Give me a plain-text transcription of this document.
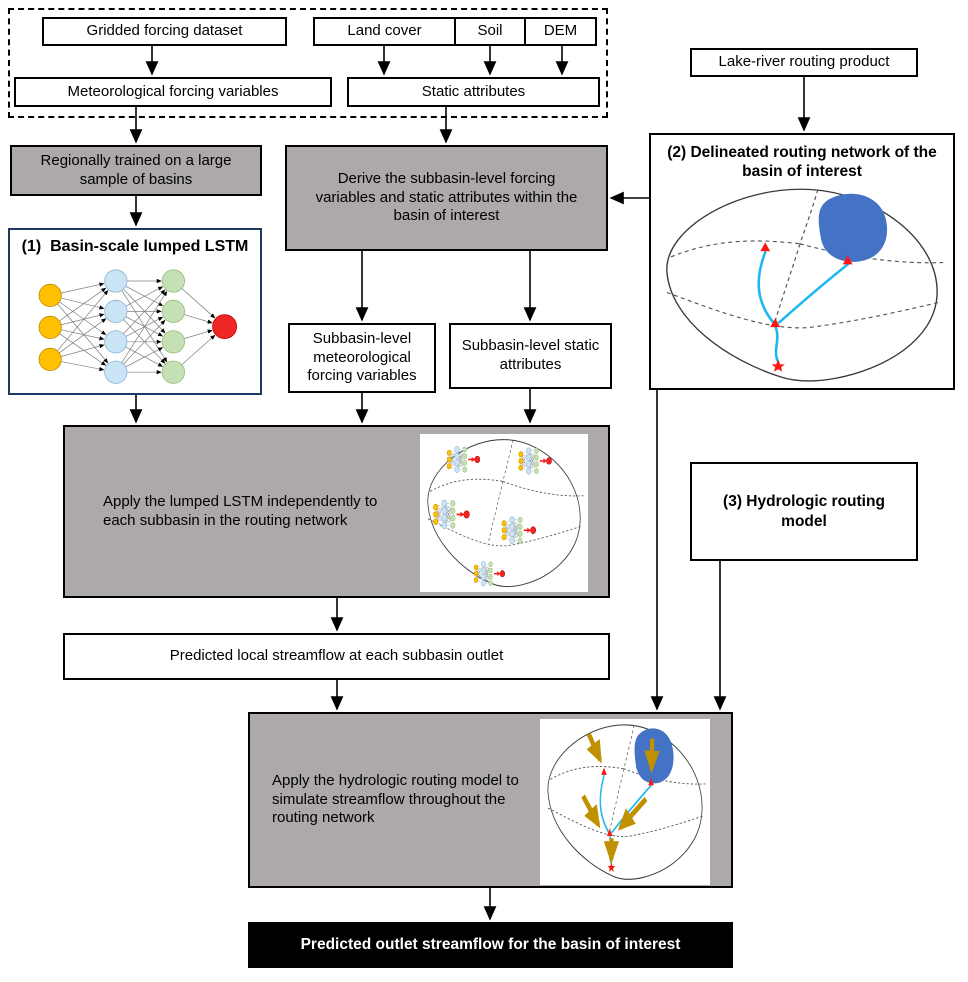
Gridded forcing dataset	Land cover	Soil	DEM
Meteorological forcing variables	Static attributes
Lake-river routing product
Regionally trained on a large sample of basins
(1)  Basin-scale lumped LSTM
Derive the subbasin-level forcing variables and static attributes within the basin of interest
(2) Delineated routing network of the basin of interest
Subbasin-level meteorological forcing variables
Subbasin-level static attributes
Apply the lumped LSTM independently to each subbasin in the routing network
(3) Hydrologic routing model
Predicted local streamflow at each subbasin outlet
Apply the hydrologic routing model to simulate streamflow throughout the routing network
Predicted outlet streamflow for the basin of interest
